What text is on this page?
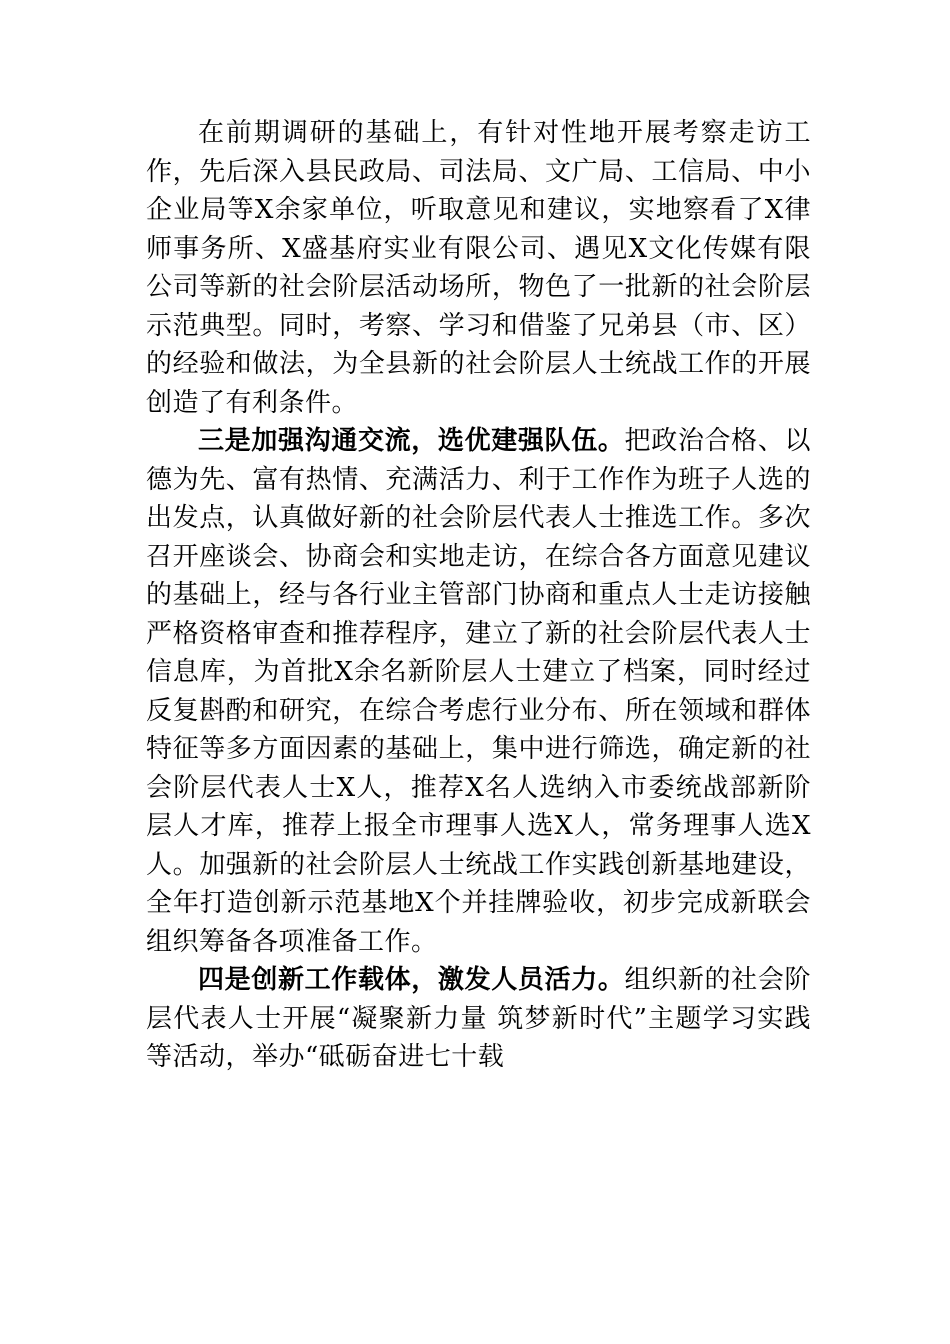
在前期调研的基础上，有针对性地开展考察走访工作，先后深入县民政局、司法局、文广局、工信局、中小企业局等X余家单位，听取意见和建议，实地察看了X律师事务所、X盛基府实业有限公司、遇见X文化传媒有限公司等新的社会阶层活动场所，物色了一批新的社会阶层示范典型。同时，考察、学习和借鉴了兄弟县（市、区）的经验和做法，为全县新的社会阶层人士统战工作的开展创造了有利条件。

三是加强沟通交流，选优建强队伍。把政治合格、以德为先、富有热情、充满活力、利于工作作为班子人选的出发点，认真做好新的社会阶层代表人士推选工作。多次召开座谈会、协商会和实地走访，在综合各方面意见建议的基础上，经与各行业主管部门协商和重点人士走访接触严格资格审查和推荐程序，建立了新的社会阶层代表人士信息库，为首批X余名新阶层人士建立了档案，同时经过反复斟酌和研究，在综合考虑行业分布、所在领域和群体特征等多方面因素的基础上，集中进行筛选，确定新的社会阶层代表人士X人，推荐X名人选纳入市委统战部新阶层人才库，推荐上报全市理事人选X人，常务理事人选X人。加强新的社会阶层人士统战工作实践创新基地建设，全年打造创新示范基地X个并挂牌验收，初步完成新联会组织筹备各项准备工作。

四是创新工作载体，激发人员活力。组织新的社会阶层代表人士开展“凝聚新力量 筑梦新时代”主题学习实践等活动，举办“砥砺奋进七十载
